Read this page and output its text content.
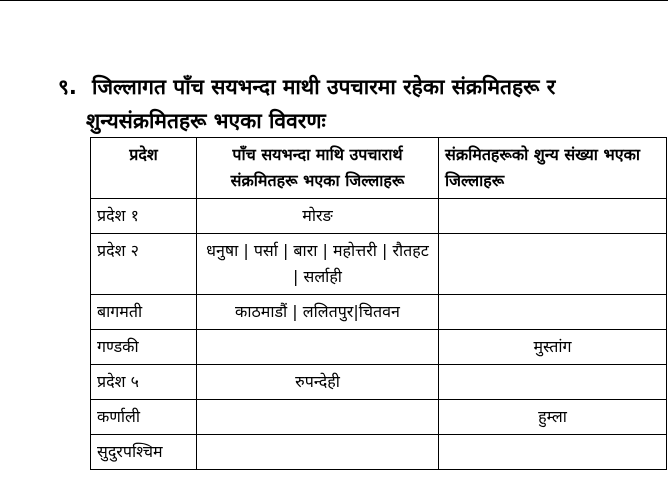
९. जिल्लागत पाँच सयभन्दा माथी उपचारमा रहेका संक्रमितहरू र
शुन्यसंक्रमितहरू भएका विवरणः
प्रदेश	पाँच सयभन्दा माथि उपचारार्थ संक्रमितहरू भएका जिल्लाहरू	संक्रमितहरूको शुन्य संख्या भएका जिल्लाहरू
प्रदेश १	मोरङ	
प्रदेश २	धनुषा | पर्सा | बारा | महोत्तरी | रौतहट | सर्लाही	
बागमती	काठमाडौं | ललितपुर|चितवन	
गण्डकी		मुस्तांग
प्रदेश ५	रुपन्देही	
कर्णाली		हुम्ला
सुदुरपश्चिम		
